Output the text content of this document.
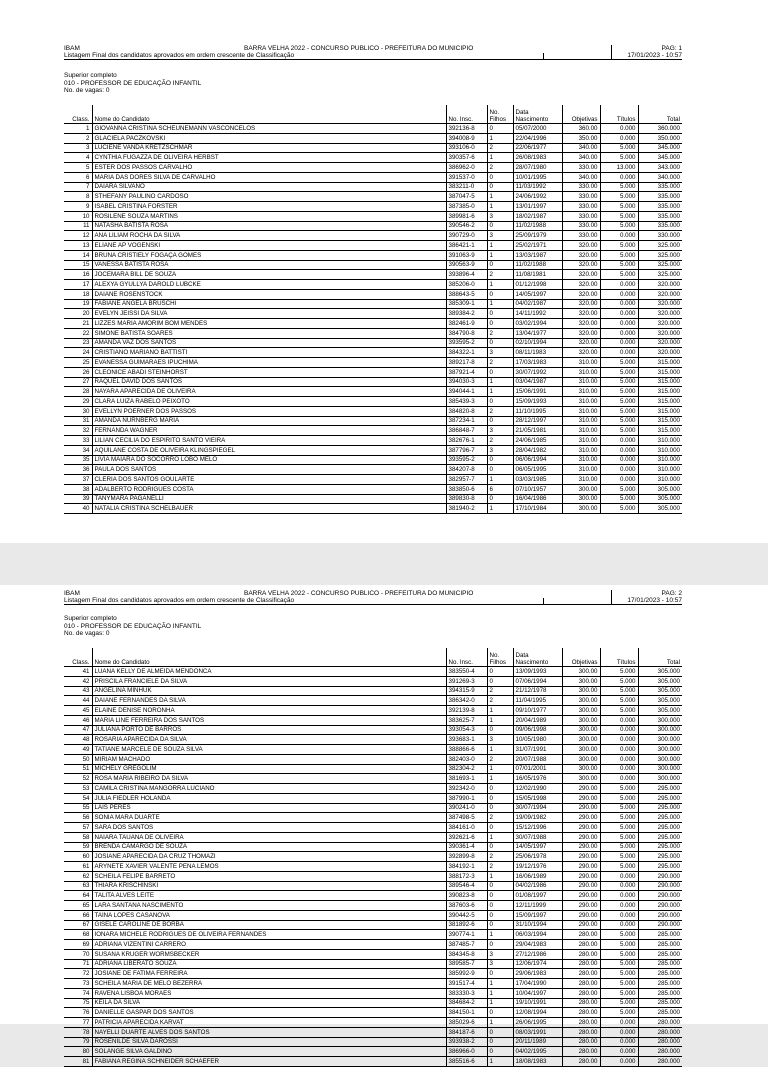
IBAM	BARRA VELHA 2022 - CONCURSO PUBLICO - PREFEITURA DO MUNICIPIO
Listagem Final dos candidatos aprovados em ordem crescente de Classificação
PAG: 1
17/01/2023 - 10:57
Superior completo
010 - PROFESSOR DE EDUCAÇÃO INFANTIL
No. de vagas: 0
Class.	Nome do Candidato	No. Insc.	No. Filhos	Data Nascimento	Objetivas	Títulos	Total
1	GIOVANNA CRISTINA SCHEUNEMANN VASCONCELOS	392136-8	0	05/07/2000	360.00	0.000	360.000
2	GLACIELA PACZKOVSKI	394008-9	1	22/04/1996	350.00	0.000	350.000
3	LUCIENE VANDA KRETZSCHMAR	393106-0	2	22/06/1977	340.00	5.000	345.000
4	CYNTHIA FUGAZZA DE OLIVEIRA HERBST	390357-6	1	26/08/1983	340.00	5.000	345.000
5	ESTER DOS PASSOS CARVALHO	386962-0	2	28/07/1980	330.00	13.000	343.000
6	MARIA DAS DORES SILVA DE CARVALHO	391537-0	0	10/01/1995	340.00	0.000	340.000
7	DAIARA SILVANO	383211-0	0	11/03/1992	330.00	5.000	335.000
8	STHEFANY PAULINO CARDOSO	387047-5	1	24/06/1992	330.00	5.000	335.000
9	ISABEL CRISTINA FORSTER	387385-0	1	13/01/1997	330.00	5.000	335.000
10	ROSILENE SOUZA MARTINS	389981-6	3	18/02/1987	330.00	5.000	335.000
11	NATASHA BATISTA ROSA	390546-2	0	11/02/1988	330.00	5.000	335.000
12	ANA LILIAM ROCHA DA SILVA	390729-0	3	25/09/1979	330.00	0.000	330.000
13	ELIANE AP VOGENSKI	386421-1	1	25/02/1971	320.00	5.000	325.000
14	BRUNA CRISTIELY FOGAÇA GOMES	391063-9	1	13/03/1987	320.00	5.000	325.000
15	VANESSA BATISTA ROSA	390563-9	0	11/02/1988	320.00	5.000	325.000
16	JOCEMARA BILL DE SOUZA	393896-4	2	11/08/1981	320.00	5.000	325.000
17	ALEXYA GYULLYA DAROLD LUBCKE	385206-0	1	01/12/1998	320.00	0.000	320.000
18	DAIANE ROSENSTOCK	388643-5	0	14/05/1997	320.00	0.000	320.000
19	FABIANE ANGELA BRUSCHI	385309-1	1	04/02/1987	320.00	0.000	320.000
20	EVELYN JEISSI DA SILVA	389384-2	0	14/11/1992	320.00	0.000	320.000
21	LIZZES MARIA AMORIM BOM MENDES	382461-9	0	03/02/1994	320.00	0.000	320.000
22	SIMONE BATISTA SOARES	384790-8	2	13/04/1977	320.00	0.000	320.000
23	AMANDA VAZ DOS SANTOS	393595-2	0	02/10/1994	320.00	0.000	320.000
24	CRISTIANO MARIANO BATTISTI	384322-1	3	08/11/1983	320.00	0.000	320.000
25	EVANESSA GUIMARAES IPUCHIMA	389217-8	2	17/03/1983	310.00	5.000	315.000
26	CLEONICE ABADI STEINHORST	387921-4	0	30/07/1992	310.00	5.000	315.000
27	RAQUEL DAVID DOS SANTOS	394030-3	1	03/04/1987	310.00	5.000	315.000
28	NAYARA APARECIDA DE OLIVEIRA	394044-1	1	15/06/1991	310.00	5.000	315.000
29	CLARA LUIZA RABELO PEIXOTO	385439-3	0	15/09/1993	310.00	5.000	315.000
30	EVELLYN POERNER DOS PASSOS	384820-8	2	11/10/1995	310.00	5.000	315.000
31	AMANDA NURNBERG MARIA	387234-1	0	28/12/1997	310.00	5.000	315.000
32	FERNANDA WAGNER	386848-7	3	21/05/1981	310.00	5.000	315.000
33	LILIAN CECILIA DO ESPIRITO SANTO VIEIRA	382676-1	2	24/06/1985	310.00	0.000	310.000
34	AQUILANE COSTA DE OLIVEIRA KLINGSPIEGEL	387796-7	3	28/04/1982	310.00	0.000	310.000
35	LIVIA MAIARA DO SOCORRO LOBO MELO	393595-2	0	06/06/1994	310.00	0.000	310.000
36	PAULA DOS SANTOS	384207-8	0	06/05/1995	310.00	0.000	310.000
37	CLERIA DOS SANTOS GOULARTE	382957-7	1	03/03/1985	310.00	0.000	310.000
38	ADALBERTO RODRIGUES COSTA	383850-6	6	07/10/1957	300.00	5.000	305.000
39	TANYMARA PAGANELLI	389830-8	0	16/04/1986	300.00	5.000	305.000
40	NATALIA CRISTINA SCHELBAUER	381940-2	1	17/10/1984	300.00	5.000	305.000
IBAM	BARRA VELHA 2022 - CONCURSO PUBLICO - PREFEITURA DO MUNICIPIO
Listagem Final dos candidatos aprovados em ordem crescente de Classificação
PAG: 2
17/01/2023 - 10:57
Superior completo
010 - PROFESSOR DE EDUCAÇÃO INFANTIL
No. de vagas: 0
Class.	Nome do Candidato	No. Insc.	No. Filhos	Data Nascimento	Objetivas	Títulos	Total
41	LUANA KELLY DE ALMEIDA MENDONCA	383550-4	0	13/09/1993	300.00	5.000	305.000
42	PRISCILA FRANCIELE DA SILVA	391269-3	0	07/06/1994	300.00	5.000	305.000
43	ANGELINA MINHUK	394315-9	2	21/12/1978	300.00	5.000	305.000
44	DAIANE FERNANDES DA SILVA	386342-0	2	11/04/1995	300.00	5.000	305.000
45	ELAINE DENISE NORONHA	392139-8	1	09/10/1977	300.00	5.000	305.000
46	MARIA LINE FERREIRA DOS SANTOS	383625-7	1	20/04/1989	300.00	0.000	300.000
47	JULIANA PORTO DE BARROS	393054-3	0	09/06/1998	300.00	0.000	300.000
48	ROSARIA APARECIDA DA SILVA	393683-1	3	10/05/1980	300.00	0.000	300.000
49	TATIANE MARCELE DE SOUZA SILVA	388866-6	1	31/07/1991	300.00	0.000	300.000
50	MIRIAM MACHADO	382403-0	2	20/07/1988	300.00	0.000	300.000
51	MICHELY GREGOLIM	382304-2	1	07/01/2001	300.00	0.000	300.000
52	ROSA MARIA RIBEIRO DA SILVA	381693-1	1	16/05/1976	300.00	0.000	300.000
53	CAMILA CRISTINA MANGORRA LUCIANO	392342-0	0	12/02/1990	290.00	5.000	295.000
54	JULIA FIEDLER HOLANDA	387990-1	0	15/05/1998	290.00	5.000	295.000
55	LAIS PERES	390241-0	0	30/07/1994	290.00	5.000	295.000
56	SONIA MARA DUARTE	387498-5	2	19/09/1982	290.00	5.000	295.000
57	SARA DOS SANTOS	384161-0	0	15/12/1996	290.00	5.000	295.000
58	NAIARA TAUANA DE OLIVEIRA	392621-6	1	30/07/1988	290.00	5.000	295.000
59	BRENDA CAMARGO DE SOUZA	390361-4	0	14/05/1997	290.00	5.000	295.000
60	JOSIANE APARECIDA DA CRUZ THOMAZI	392899-8	2	25/06/1978	290.00	5.000	295.000
61	ARYNETE XAVIER VALENTE PENA LEMOS	384192-1	2	19/12/1976	290.00	5.000	295.000
62	SCHEILA FELIPE BARRETO	388172-3	1	16/06/1989	290.00	0.000	290.000
63	THIARA KRISCHINSKI	389546-4	0	04/02/1986	290.00	0.000	290.000
64	TALITA ALVES LEITE	390823-8	0	01/08/1997	290.00	0.000	290.000
65	LARA SANTANA NASCIMENTO	387603-6	0	12/11/1999	290.00	0.000	290.000
66	TAINA LOPES CASANOVA	390442-5	0	15/09/1997	290.00	0.000	290.000
67	GISELE CAROLINE DE BORBA	381892-6	0	31/10/1994	290.00	0.000	290.000
68	IONARA MICHELE RODRIGUES DE OLIVEIRA FERNANDES	390774-1	1	06/03/1994	280.00	5.000	285.000
69	ADRIANA VIZENTINI CARRERO	387485-7	0	29/04/1983	280.00	5.000	285.000
70	SUSANA KRUGER WORMSBECKER	384345-8	3	27/12/1986	280.00	5.000	285.000
71	ADRIANA LIBERATO SOUZA	389585-7	3	12/06/1974	280.00	5.000	285.000
72	JOSIANE DE FATIMA FERREIRA	385992-9	0	29/06/1983	280.00	5.000	285.000
73	SCHEILA MARIA DE MELO BEZERRA	391517-4	1	17/04/1990	280.00	5.000	285.000
74	RAVENA LISBOA MORAES	383330-3	1	10/04/1997	280.00	5.000	285.000
75	KEILA DA SILVA	384684-2	1	19/10/1991	280.00	5.000	285.000
76	DANIELLE GASPAR DOS SANTOS	384150-1	0	12/08/1994	280.00	5.000	285.000
77	PATRICIA APARECIDA KARVAT	385029-6	1	26/06/1995	280.00	0.000	280.000
78	NAYELLI DUARTE ALVES DOS SANTOS	384187-6	0	08/03/1991	280.00	0.000	280.000
79	ROSENILDE SILVA DAROSSI	393938-2	0	20/11/1989	280.00	0.000	280.000
80	SOLANGE SILVA GALDINO	386966-0	0	04/02/1995	280.00	0.000	280.000
81	FABIANA REGINA SCHNEIDER SCHAEFER	385516-6	1	18/08/1983	280.00	0.000	280.000
